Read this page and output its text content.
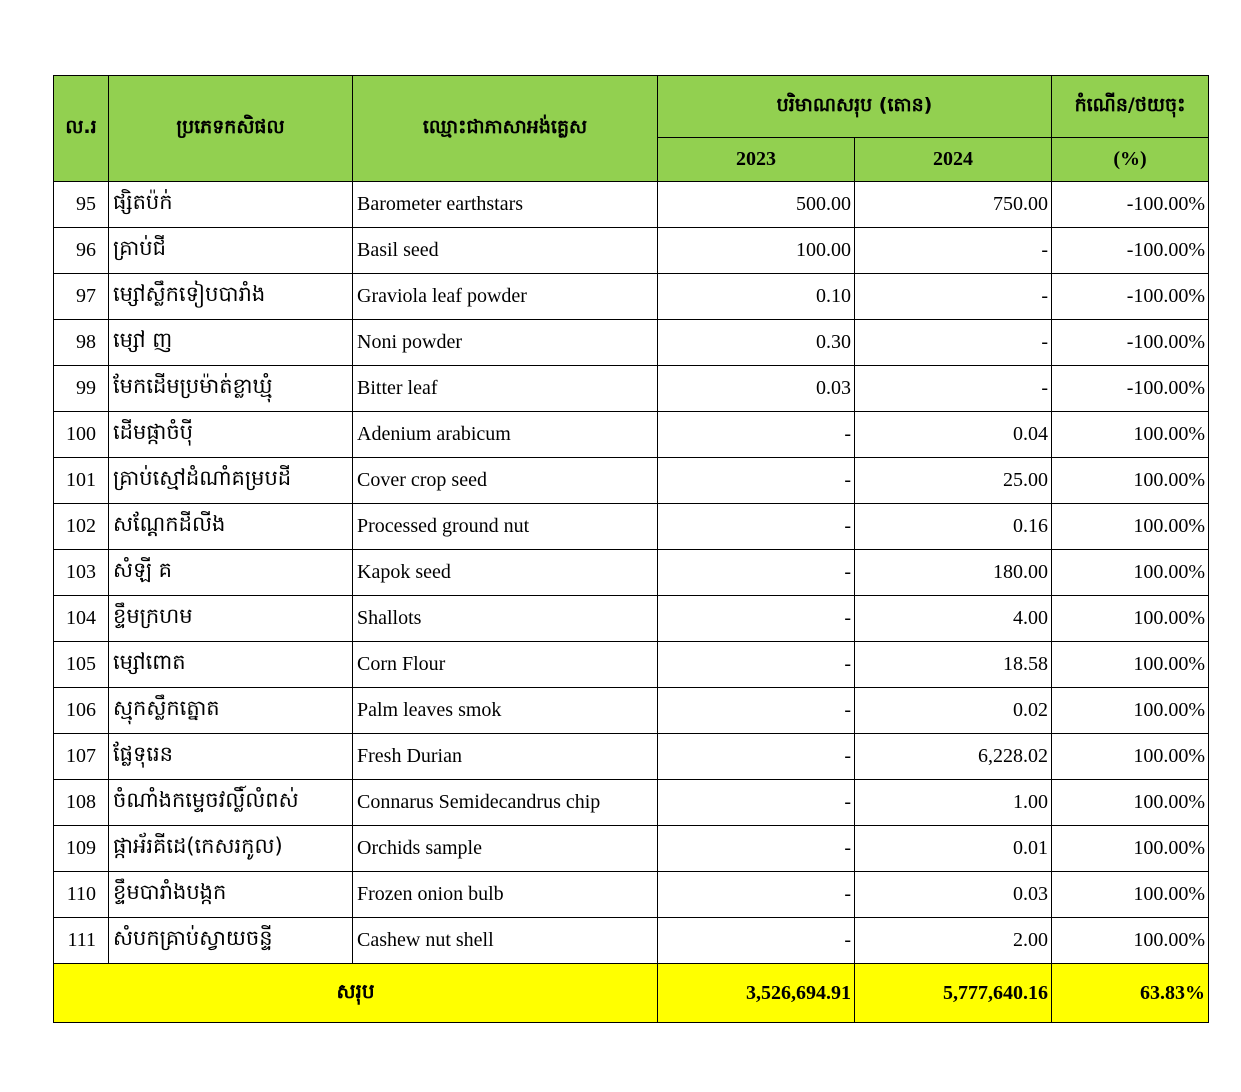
ល.រ	ប្រភេទកសិផល	ឈ្មោះជាភាសាអង់គ្លេស	បរិមាណសរុប (តោន)		កំណើន/ថយចុះ
			2023	2024	(%)
95	ផ្សិតប៉ក់	Barometer earthstars	500.00	750.00	-100.00%
96	គ្រាប់ជី	Basil seed	100.00	-	-100.00%
97	ម្សៅស្លឹកទៀបបារាំង	Graviola leaf powder	0.10	-	-100.00%
98	ម្សៅ ញ	Noni powder	0.30	-	-100.00%
99	មែកដើមប្រម៉ាត់ខ្លាឃ្មុំ	Bitter leaf	0.03	-	-100.00%
100	ដើមផ្កាចំប៉ី	Adenium arabicum	-	0.04	100.00%
101	គ្រាប់ស្មៅដំណាំគម្របដី	Cover crop seed	-	25.00	100.00%
102	សណ្តែកដីលីង	Processed ground nut	-	0.16	100.00%
103	សំឡី គ	Kapok seed	-	180.00	100.00%
104	ខ្ទឹមក្រហម	Shallots	-	4.00	100.00%
105	ម្សៅពោត	Corn Flour	-	18.58	100.00%
106	ស្មុកស្លឹកត្នោត	Palm leaves smok	-	0.02	100.00%
107	ផ្លែទុរេន	Fresh Durian	-	6,228.02	100.00%
108	ចំណាំងកម្ទេចវល្លិ៍លំពស់	Connarus Semidecandrus chip	-	1.00	100.00%
109	ផ្កាអ័រគីដេ(កេសរកូល)	Orchids sample	-	0.01	100.00%
110	ខ្ទឹមបារាំងបង្កក	Frozen onion bulb	-	0.03	100.00%
111	សំបកគ្រាប់ស្វាយចន្ទី	Cashew nut shell	-	2.00	100.00%
សរុប			3,526,694.91	5,777,640.16	63.83%
